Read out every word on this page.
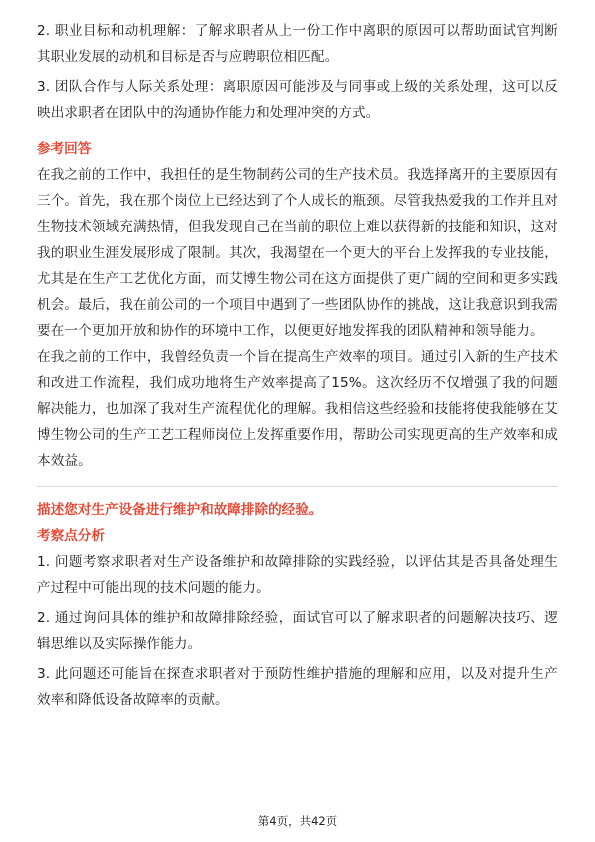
2. 职业目标和动机理解：了解求职者从上一份工作中离职的原因可以帮助面试官判断其职业发展的动机和目标是否与应聘职位相匹配。

3. 团队合作与人际关系处理：离职原因可能涉及与同事或上级的关系处理，这可以反映出求职者在团队中的沟通协作能力和处理冲突的方式。

参考回答

在我之前的工作中，我担任的是生物制药公司的生产技术员。我选择离开的主要原因有三个。首先，我在那个岗位上已经达到了个人成长的瓶颈。尽管我热爱我的工作并且对生物技术领域充满热情，但我发现自己在当前的职位上难以获得新的技能和知识，这对我的职业生涯发展形成了限制。其次，我渴望在一个更大的平台上发挥我的专业技能，尤其是在生产工艺优化方面，而艾博生物公司在这方面提供了更广阔的空间和更多实践机会。最后，我在前公司的一个项目中遇到了一些团队协作的挑战，这让我意识到我需要在一个更加开放和协作的环境中工作，以便更好地发挥我的团队精神和领导能力。

在我之前的工作中，我曾经负责一个旨在提高生产效率的项目。通过引入新的生产技术和改进工作流程，我们成功地将生产效率提高了15%。这次经历不仅增强了我的问题解决能力，也加深了我对生产流程优化的理解。我相信这些经验和技能将使我能够在艾博生物公司的生产工艺工程师岗位上发挥重要作用，帮助公司实现更高的生产效率和成本效益。

描述您对生产设备进行维护和故障排除的经验。

考察点分析

1. 问题考察求职者对生产设备维护和故障排除的实践经验，以评估其是否具备处理生产过程中可能出现的技术问题的能力。

2. 通过询问具体的维护和故障排除经验，面试官可以了解求职者的问题解决技巧、逻辑思维以及实际操作能力。

3. 此问题还可能旨在探查求职者对于预防性维护措施的理解和应用，以及对提升生产效率和降低设备故障率的贡献。

第4页，共42页
